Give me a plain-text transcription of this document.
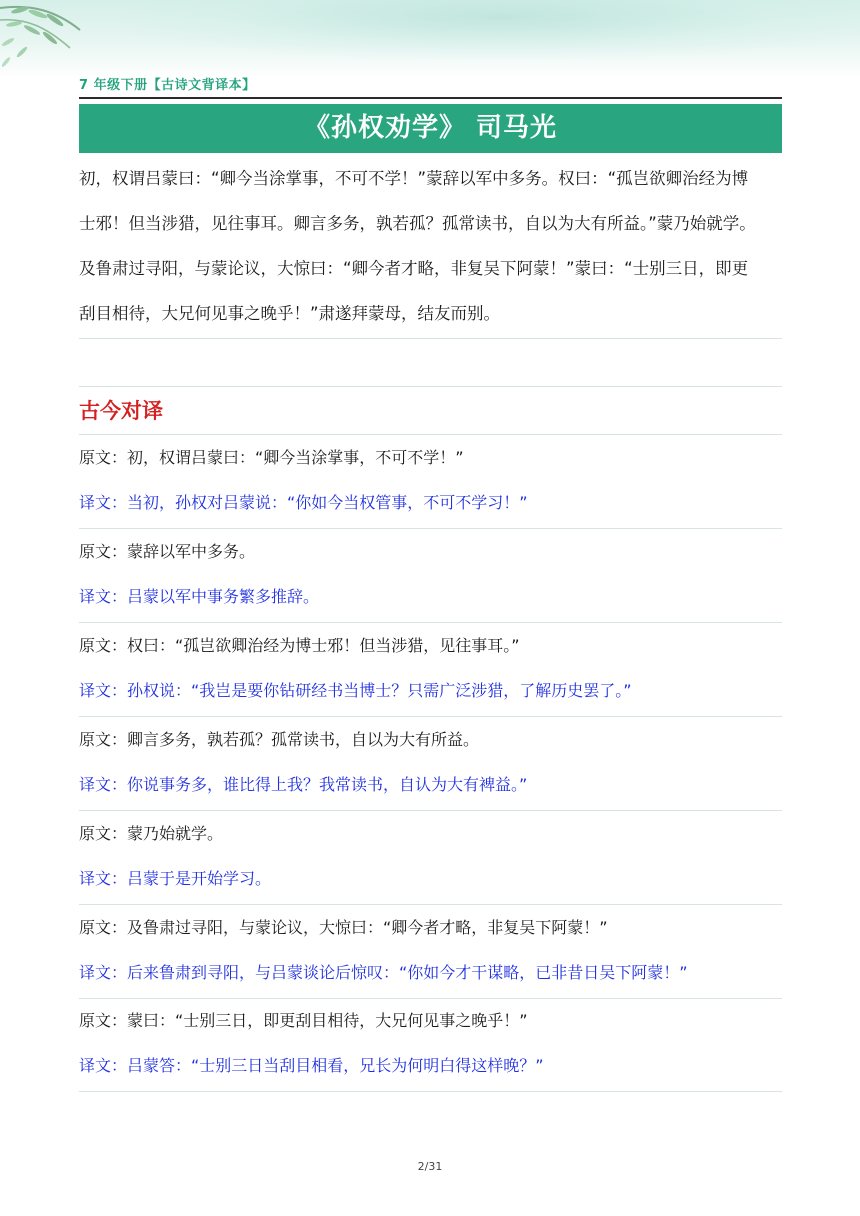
7 年级下册【古诗文背译本】
《孙权劝学》 司马光
初，权谓吕蒙曰：“卿今当涂掌事，不可不学！”蒙辞以军中多务。权曰：“孤岂欲卿治经为博
士邪！但当涉猎，见往事耳。卿言多务，孰若孤？孤常读书，自以为大有所益。”蒙乃始就学。
及鲁肃过寻阳，与蒙论议，大惊曰：“卿今者才略，非复吴下阿蒙！”蒙曰：“士别三日，即更
刮目相待，大兄何见事之晚乎！”肃遂拜蒙母，结友而别。
古今对译
原文：初，权谓吕蒙曰：“卿今当涂掌事，不可不学！”
译文：当初，孙权对吕蒙说：“你如今当权管事，不可不学习！”
原文：蒙辞以军中多务。
译文：吕蒙以军中事务繁多推辞。
原文：权曰：“孤岂欲卿治经为博士邪！但当涉猎，见往事耳。”
译文：孙权说：“我岂是要你钻研经书当博士？只需广泛涉猎，了解历史罢了。”
原文：卿言多务，孰若孤？孤常读书，自以为大有所益。
译文：你说事务多，谁比得上我？我常读书，自认为大有裨益。”
原文：蒙乃始就学。
译文：吕蒙于是开始学习。
原文：及鲁肃过寻阳，与蒙论议，大惊曰：“卿今者才略，非复吴下阿蒙！”
译文：后来鲁肃到寻阳，与吕蒙谈论后惊叹：“你如今才干谋略，已非昔日吴下阿蒙！”
原文：蒙曰：“士别三日，即更刮目相待，大兄何见事之晚乎！”
译文：吕蒙答：“士别三日当刮目相看，兄长为何明白得这样晚？”
2/31
